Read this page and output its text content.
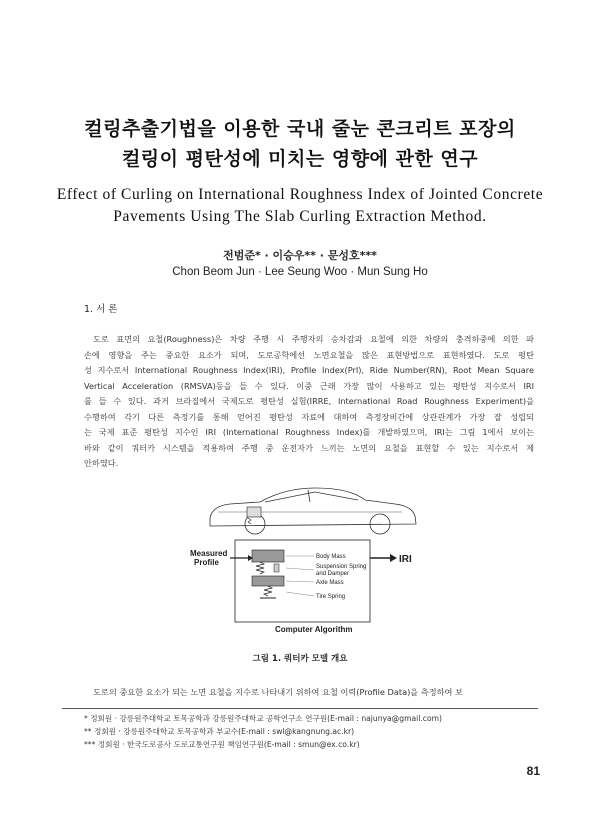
컬링추출기법을 이용한 국내 줄눈 콘크리트 포장의
컬링이 평탄성에 미치는 영향에 관한 연구
Effect of Curling on International Roughness Index of Jointed Concrete
Pavements Using The Slab Curling Extraction Method.
전범준* · 이승우** · 문성호***
Chon Beom Jun · Lee Seung Woo · Mun Sung Ho
1. 서 론
도로 표면의 요철(Roughness)은 차량 주행 시 주행자의 승차감과 요철에 의한 차량의 충격하중에 의한 파
손에 영향을 주는 중요한 요소가 되며, 도로공학에선 노면요철을 많은 표현방법으로 표현하였다. 도로 평탄
성 지수로서 International Roughness Index(IRI), Profile Index(PrI), Ride Number(RN), Root Mean Square
Vertical Acceleration (RMSVA)등을 들 수 있다. 이중 근래 가장 많이 사용하고 있는 평탄성 지수로서 IRI
를 들 수 있다. 과거 브라질에서 국제도로 평탄성 실험(IRRE, International Road Roughness Experiment)을
수행하여 각기 다른 측정기를 통해 얻어진 평탄성 자료에 대하여 측정장비간에 상관관계가 가장 잘 성립되
는 국제 표준 평탄성 지수인 IRI (International Roughness Index)를 개발하였으며, IRI는 그림 1에서 보이는
바와 같이 쿼터카 시스템을 적용하여 주행 중 운전자가 느끼는 노면의 요철을 표현할 수 있는 지수로서 제
안하였다.
Body Mass
Suspension Spring
and Damper
Axle Mass
Tire Spring
Measured
Profile	IRI
Computer Algorithm
그림 1. 쿼터카 모델 개요
도로의 중요한 요소가 되는 노면 요철을 지수로 나타내기 위하여 요철 이력(Profile Data)을 측정하여 보
* 정회원 · 강릉원주대학교 토목공학과 강릉원주대학교 공학연구소 연구원(E-mail : najunya@gmail.com)
** 정회원 · 강릉원주대학교 토목공학과 부교수(E-mail : swl@kangnung.ac.kr)
*** 정회원 · 한국도로공사 도로교통연구원 책임연구원(E-mail : smun@ex.co.kr)
81
